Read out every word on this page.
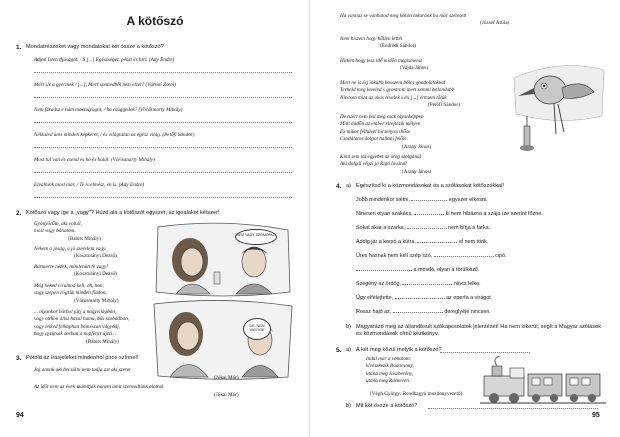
A kötőszó
1. Mondatrészeket vagy mondatokat köt össze a kötőszó?
Adjon Isten tfjúságot, / S [...] Egészséget, pénzt és hírt. (Ady Endre)
Mért sír a gyermek / [...], Mert szemedből nézi elzét? (Várnai Zseni)
Nem fáradsz e nám moszolyogni, / ha csüggedek? (Vörösmarty Mihály)
Nélkaled üres minden képkeret, / és világtalan az egész világ. (Petőfi Sándor)
Most túl van és csend és hó és halál. (Vörösmarty Mihály)
Elvállunk most már, / Te is elmész, én is. (Ady Endre)
2. Kötőszó vagy íge a „vagy"? Húzd alá a kötőszót egyszer, az igealakot kétszer!
Gyönyörűm, aki voltál,
most vagy bánatom.
(Babits Mihály)
Nekem a jóság, a jó szerelem vagy.
(Kosztolányi Dezső)
Bármerre nézek, mindenütt te vagy!
(Kosztolányi Dezső)
Még neked virulnod kell, oh, hon,
vagy szépen rögzük minden fiadon.
(Vörösmarty Mihály)
... olyankor bárhol járj a nagyvilágban,
vagy otthon állsz hazai hamu, bús szobádban,
vagy lelked felkaphan bámészan vágyódj,
hogy gyújtsák sorban a napfényt újzzi...
(Babits Mihály)
NEM VAGY SZOMORÚ?
DE, NEM VAGYOK
3. Pótold az írásjeleket mindenhol piros színnel!
Jaj annak aki becsülni nem tudja azt aki szeret
(Jókai Mór)
Az időt nem az évek számítják hanem amit szenvedtünk alattok
(Jókai Mór)
94
Ha vannaz se vanhatod meg közön tokaránk ha már szétesett
(József Attila)
Nem hiszem hogy hűtlen lettél
(Endrődi Sándor)
Hittem hogy lesz idő midőn megismersz
(Vajda János)
Mert ne is érj inkább hosszem bölcs gondolatokkal
Terheld meg leveled s gyomrom mert semmi bolondabb
Nincsen mint az okos levelek s én [...] érttsem tőlük
(Petőfi Sándor)
De azért nem hal meg csak olyanképpen
Mint midőn az ember elrejtézik mélyen
Ex mikor félhüvel bicsenyes illőse
Csodálatos dolgot hallani felőle.
(Arany János)
Kinn sem lát egyebet az öreg szolgánál
Aki dolgát végzi jó Rigó lovánál
(Arany János)
4. a) Egészítsd ki a közmondásokat és a szólásokat kötőszókkal!
Jobb mindenkor siétni,	egyszer elkésni.
Ninesen olyan szakács,	ki nem hibázna a szája íze szerint főzne.
Sokat akar a szarka,	nem bírja a farka.
Addig jár a korsó a kútra,	el nem törik.
Üres hasnak nem kell szép szó,	cipó.
a mosdó, olyan a törülköző.
Szegény az ördög,	nincs lelke.
Úgy elfelejtette,	az eperfa a virágot.
Rossz hajó az,	dereglyéje nincsen.
b) Magyarázd meg az állandósult szókapcsolatok jelentését! Ha nem sikerül, segít a Magyar szólások és közmondások című kézikönyv.
5. a) A két meg közül melyik a kötőszó?
Indul már a vonatom:
kíveszkezik Budacsony,
utána meg Jászberény,
utána meg Rúckevén.
(Végh György: Rendhagyó mozdonyvezető)
b) Mit köt össze a kötőszó?
95
